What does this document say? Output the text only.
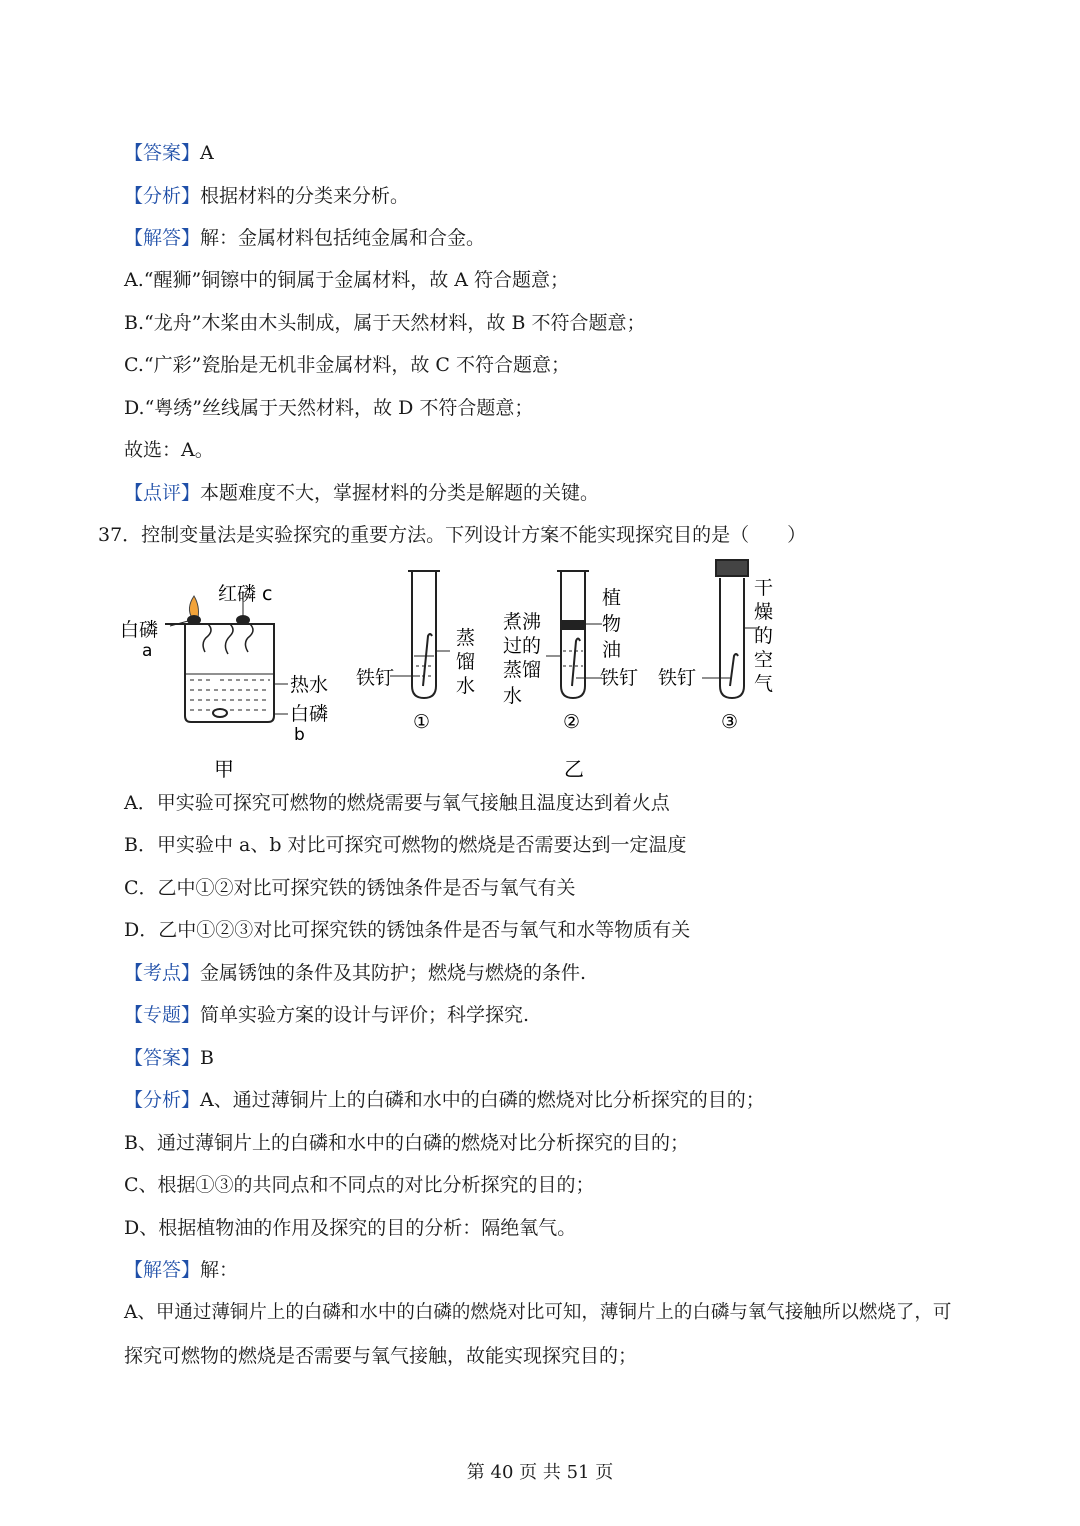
【答案】A
【分析】根据材料的分类来分析。
【解答】解：金属材料包括纯金属和合金。
A.“醒狮”铜镲中的铜属于金属材料，故 A 符合题意；
B.“龙舟”木桨由木头制成，属于天然材料，故 B 不符合题意；
C.“广彩”瓷胎是无机非金属材料，故 C 不符合题意；
D.“粤绣”丝线属于天然材料，故 D 不符合题意；
故选：A。
【点评】本题难度不大，掌握材料的分类是解题的关键。
37．控制变量法是实验探究的重要方法。下列设计方案不能实现探究目的是（　　）
红磷 c
白磷
a
热水
白磷
b
甲
铁钉
蒸
馏
水
①
煮沸
过的
蒸馏
水
植
物
油
铁钉
②
乙
铁钉
干
燥
的
空
气
③
A．甲实验可探究可燃物的燃烧需要与氧气接触且温度达到着火点
B．甲实验中 a、b 对比可探究可燃物的燃烧是否需要达到一定温度
C．乙中①②对比可探究铁的锈蚀条件是否与氧气有关
D．乙中①②③对比可探究铁的锈蚀条件是否与氧气和水等物质有关
【考点】金属锈蚀的条件及其防护；燃烧与燃烧的条件.
【专题】简单实验方案的设计与评价；科学探究.
【答案】B
【分析】A、通过薄铜片上的白磷和水中的白磷的燃烧对比分析探究的目的；
B、通过薄铜片上的白磷和水中的白磷的燃烧对比分析探究的目的；
C、根据①③的共同点和不同点的对比分析探究的目的；
D、根据植物油的作用及探究的目的分析：隔绝氧气。
【解答】解：
A、甲通过薄铜片上的白磷和水中的白磷的燃烧对比可知，薄铜片上的白磷与氧气接触所以燃烧了，可
探究可燃物的燃烧是否需要与氧气接触，故能实现探究目的；
第 40 页 共 51 页
